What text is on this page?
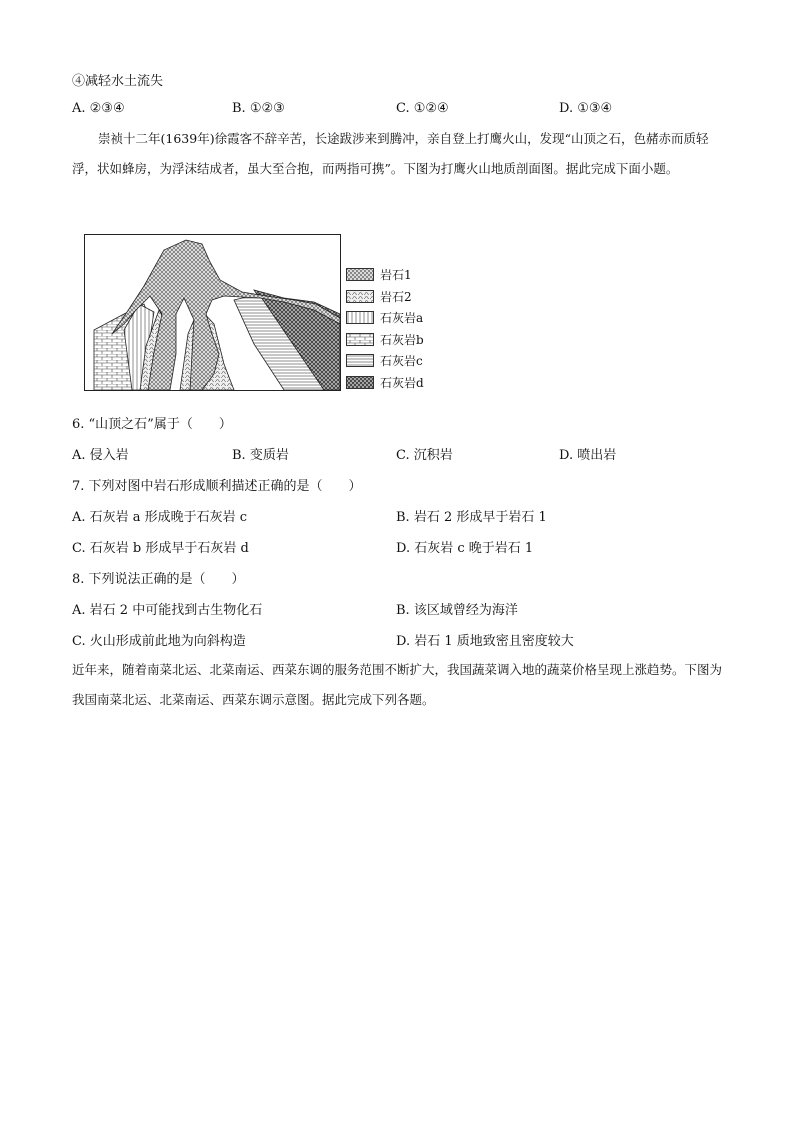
④减轻水土流失
A. ②③④	B. ①②③	C. ①②④	D. ①③④
崇祯十二年(1639年)徐霞客不辞辛苦，长途跋涉来到腾冲，亲自登上打鹰火山，发现“山顶之石，色赭赤而质轻浮，状如蜂房，为浮沫结成者，虽大至合抱，而两指可携”。下图为打鹰火山地质剖面图。据此完成下面小题。
岩石1
岩石2
石灰岩a
石灰岩b
石灰岩c
石灰岩d
6. “山顶之石”属于（　　）
A. 侵入岩	B. 变质岩	C. 沉积岩	D. 喷出岩
7. 下列对图中岩石形成顺利描述正确的是（　　）
A. 石灰岩 a 形成晚于石灰岩 c	B. 岩石 2 形成早于岩石 1
C. 石灰岩 b 形成早于石灰岩 d	D. 石灰岩 c 晚于岩石 1
8. 下列说法正确的是（　　）
A. 岩石 2 中可能找到古生物化石	B. 该区域曾经为海洋
C. 火山形成前此地为向斜构造	D. 岩石 1 质地致密且密度较大
近年来，随着南菜北运、北菜南运、西菜东调的服务范围不断扩大，我国蔬菜调入地的蔬菜价格呈现上涨趋势。下图为我国南菜北运、北菜南运、西菜东调示意图。据此完成下列各题。
